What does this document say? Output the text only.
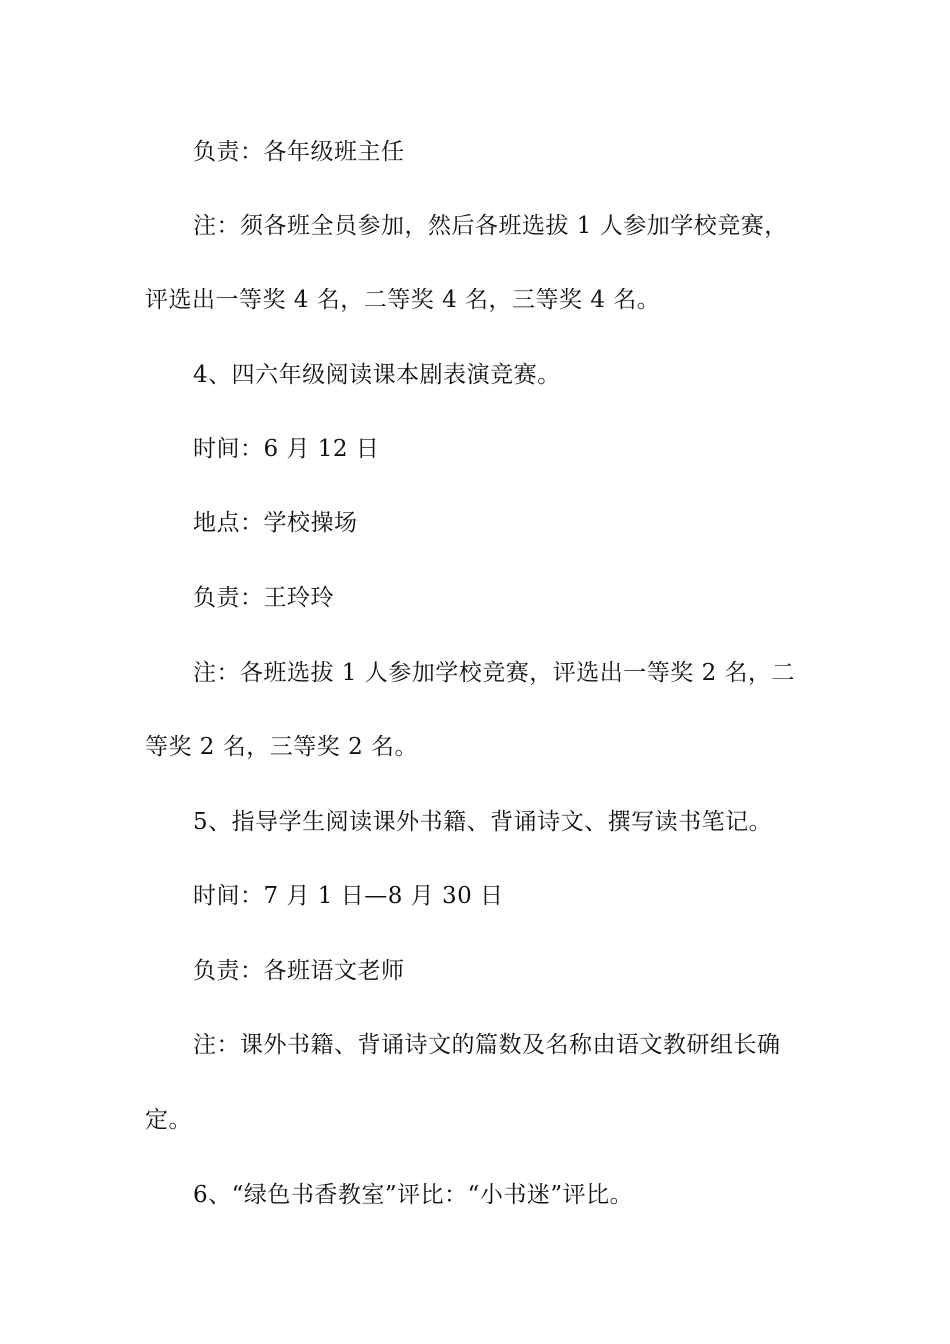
负责：各年级班主任
注：须各班全员参加，然后各班选拔 1 人参加学校竞赛，
评选出一等奖 4 名，二等奖 4 名，三等奖 4 名。
4、四六年级阅读课本剧表演竞赛。
时间：6 月 12 日
地点：学校操场
负责：王玲玲
注：各班选拔 1 人参加学校竞赛，评选出一等奖 2 名，二
等奖 2 名，三等奖 2 名。
5、指导学生阅读课外书籍、背诵诗文、撰写读书笔记。
时间：7 月 1 日—8 月 30 日
负责：各班语文老师
注：课外书籍、背诵诗文的篇数及名称由语文教研组长确
定。
6、“绿色书香教室”评比：“小书迷”评比。
